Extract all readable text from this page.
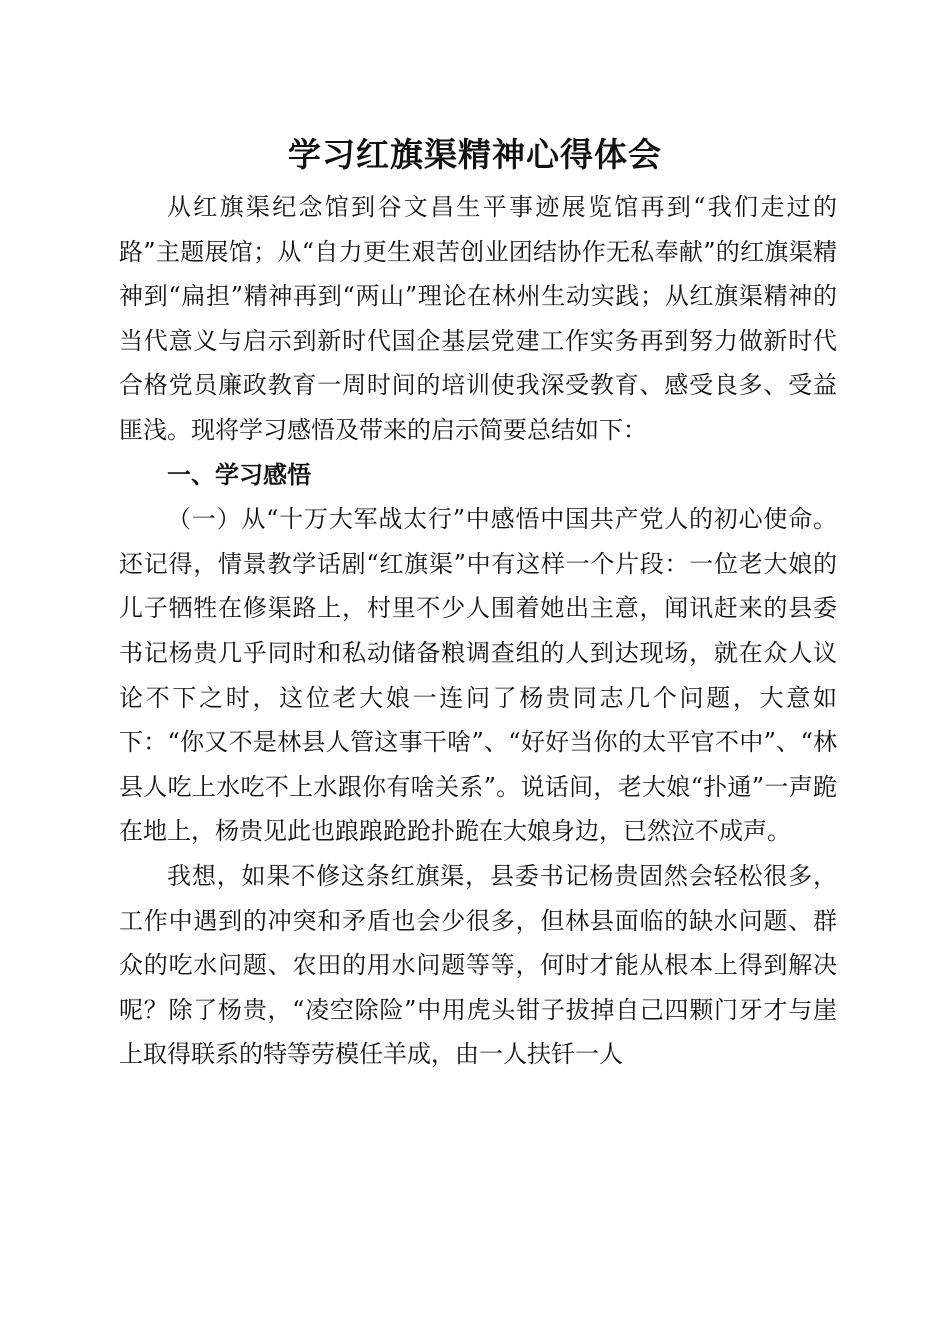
学习红旗渠精神心得体会

从红旗渠纪念馆到谷文昌生平事迹展览馆再到“我们走过的路”主题展馆；从“自力更生艰苦创业团结协作无私奉献”的红旗渠精神到“扁担”精神再到“两山”理论在林州生动实践；从红旗渠精神的当代意义与启示到新时代国企基层党建工作实务再到努力做新时代合格党员廉政教育一周时间的培训使我深受教育、感受良多、受益匪浅。现将学习感悟及带来的启示简要总结如下：

一、学习感悟

（一）从“十万大军战太行”中感悟中国共产党人的初心使命。还记得，情景教学话剧“红旗渠”中有这样一个片段：一位老大娘的儿子牺牲在修渠路上，村里不少人围着她出主意，闻讯赶来的县委书记杨贵几乎同时和私动储备粮调查组的人到达现场，就在众人议论不下之时，这位老大娘一连问了杨贵同志几个问题，大意如下：“你又不是林县人管这事干啥”、“好好当你的太平官不中”、“林县人吃上水吃不上水跟你有啥关系”。说话间，老大娘“扑通”一声跪在地上，杨贵见此也踉踉跄跄扑跪在大娘身边，已然泣不成声。

我想，如果不修这条红旗渠，县委书记杨贵固然会轻松很多，工作中遇到的冲突和矛盾也会少很多，但林县面临的缺水问题、群众的吃水问题、农田的用水问题等等，何时才能从根本上得到解决呢？除了杨贵，“凌空除险”中用虎头钳子拔掉自己四颗门牙才与崖上取得联系的特等劳模任羊成，由一人扶钎一人
